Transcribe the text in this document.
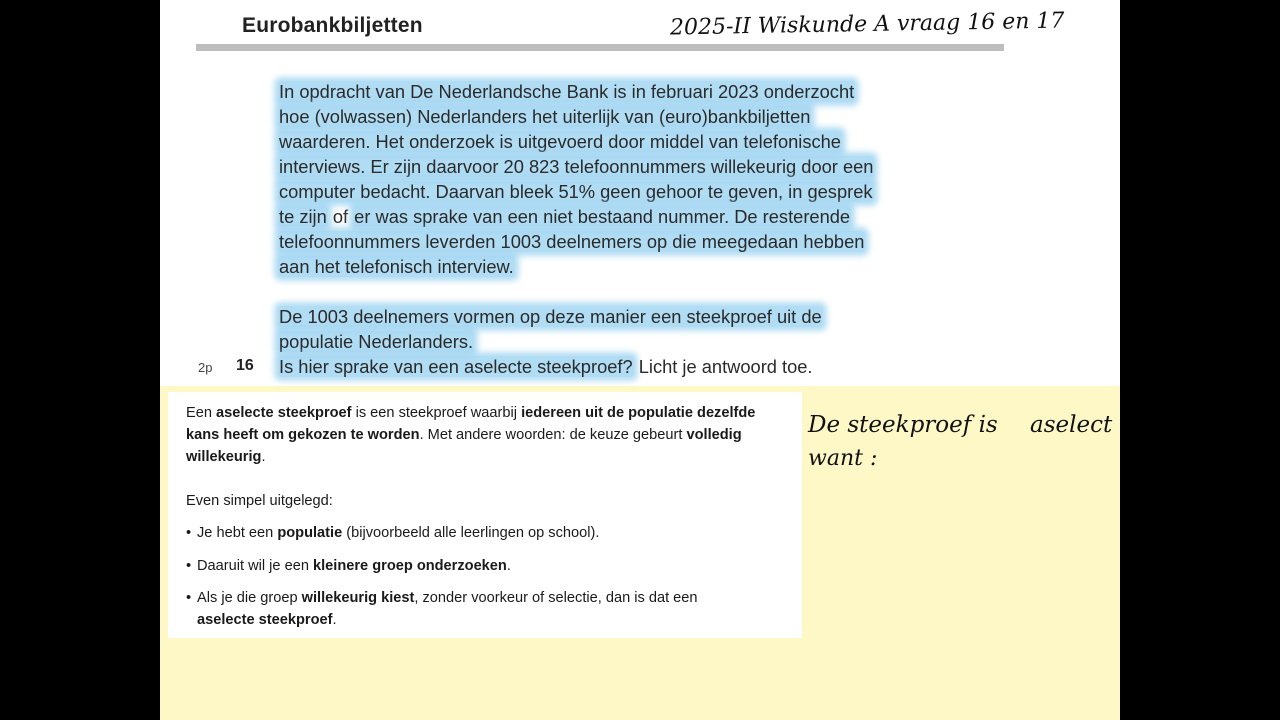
Eurobankbiljetten	2025-II Wiskunde A vraag 16 en 17
In opdracht van De Nederlandsche Bank is in februari 2023 onderzocht
hoe (volwassen) Nederlanders het uiterlijk van (euro)bankbiljetten
waarderen. Het onderzoek is uitgevoerd door middel van telefonische
interviews. Er zijn daarvoor 20 823 telefoonnummers willekeurig door een
computer bedacht. Daarvan bleek 51% geen gehoor te geven, in gesprek
te zijn of er was sprake van een niet bestaand nummer. De resterende
telefoonnummers leverden 1003 deelnemers op die meegedaan hebben
aan het telefonisch interview.
De 1003 deelnemers vormen op deze manier een steekproef uit de
populatie Nederlanders.
2p 16 Is hier sprake van een aselecte steekproef? Licht je antwoord toe.

Een aselecte steekproef is een steekproef waarbij iedereen uit de populatie dezelfde kans heeft om gekozen te worden. Met andere woorden: de keuze gebeurt volledig willekeurig.

Even simpel uitgelegd:

• Je hebt een populatie (bijvoorbeeld alle leerlingen op school).

• Daaruit wil je een kleinere groep onderzoeken.

• Als je die groep willekeurig kiest, zonder voorkeur of selectie, dan is dat een
aselecte steekproef.

De steekproef is aselect
want :
